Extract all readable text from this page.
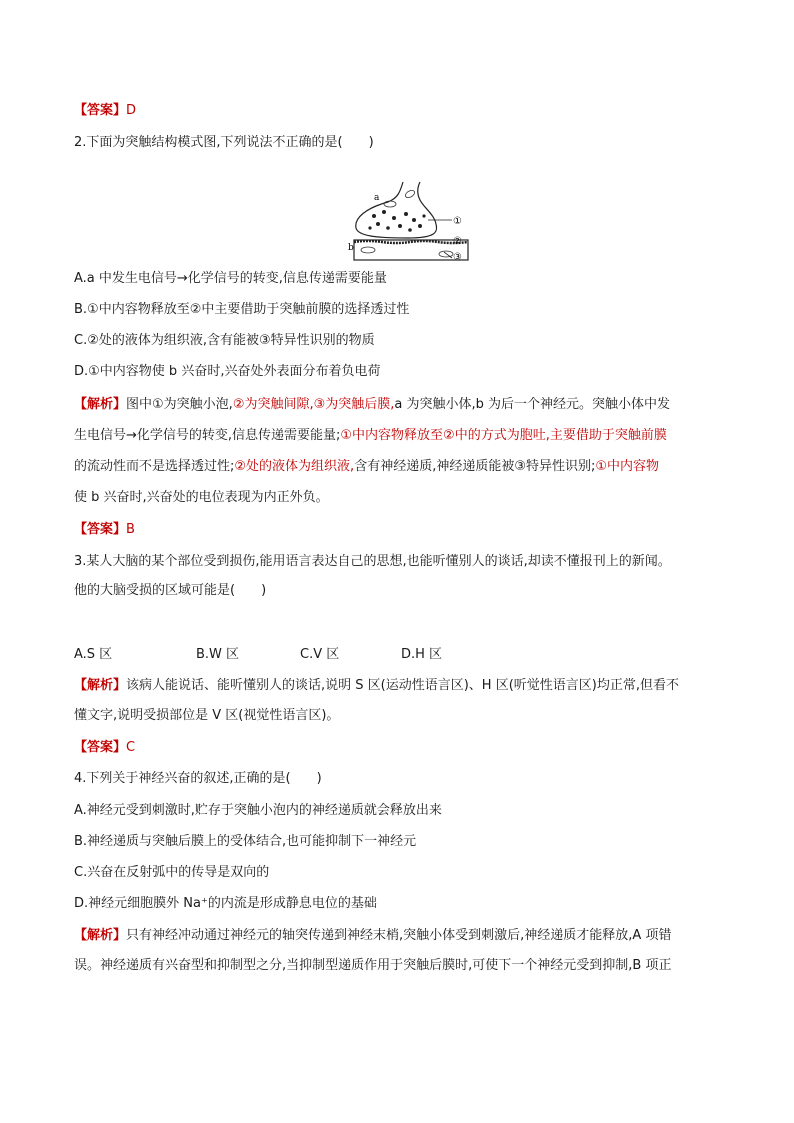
【答案】D
2.下面为突触结构模式图,下列说法不正确的是(　　)
a
b
①
②
③
A.a 中发生电信号→化学信号的转变,信息传递需要能量
B.①中内容物释放至②中主要借助于突触前膜的选择透过性
C.②处的液体为组织液,含有能被③特异性识别的物质
D.①中内容物使 b 兴奋时,兴奋处外表面分布着负电荷
【解析】图中①为突触小泡,②为突触间隙,③为突触后膜,a 为突触小体,b 为后一个神经元。突触小体中发
生电信号→化学信号的转变,信息传递需要能量;①中内容物释放至②中的方式为胞吐,主要借助于突触前膜
的流动性而不是选择透过性;②处的液体为组织液,含有神经递质,神经递质能被③特异性识别;①中内容物
使 b 兴奋时,兴奋处的电位表现为内正外负。
【答案】B
3.某人大脑的某个部位受到损伤,能用语言表达自己的思想,也能听懂别人的谈话,却读不懂报刊上的新闻。
他的大脑受损的区域可能是(　　)
A.S 区	B.W 区	C.V 区	D.H 区
【解析】该病人能说话、能听懂别人的谈话,说明 S 区(运动性语言区)、H 区(听觉性语言区)均正常,但看不
懂文字,说明受损部位是 V 区(视觉性语言区)。
【答案】C
4.下列关于神经兴奋的叙述,正确的是(　　)
A.神经元受到刺激时,贮存于突触小泡内的神经递质就会释放出来
B.神经递质与突触后膜上的受体结合,也可能抑制下一神经元
C.兴奋在反射弧中的传导是双向的
D.神经元细胞膜外 Na⁺的内流是形成静息电位的基础
【解析】只有神经冲动通过神经元的轴突传递到神经末梢,突触小体受到刺激后,神经递质才能释放,A 项错
误。神经递质有兴奋型和抑制型之分,当抑制型递质作用于突触后膜时,可使下一个神经元受到抑制,B 项正
